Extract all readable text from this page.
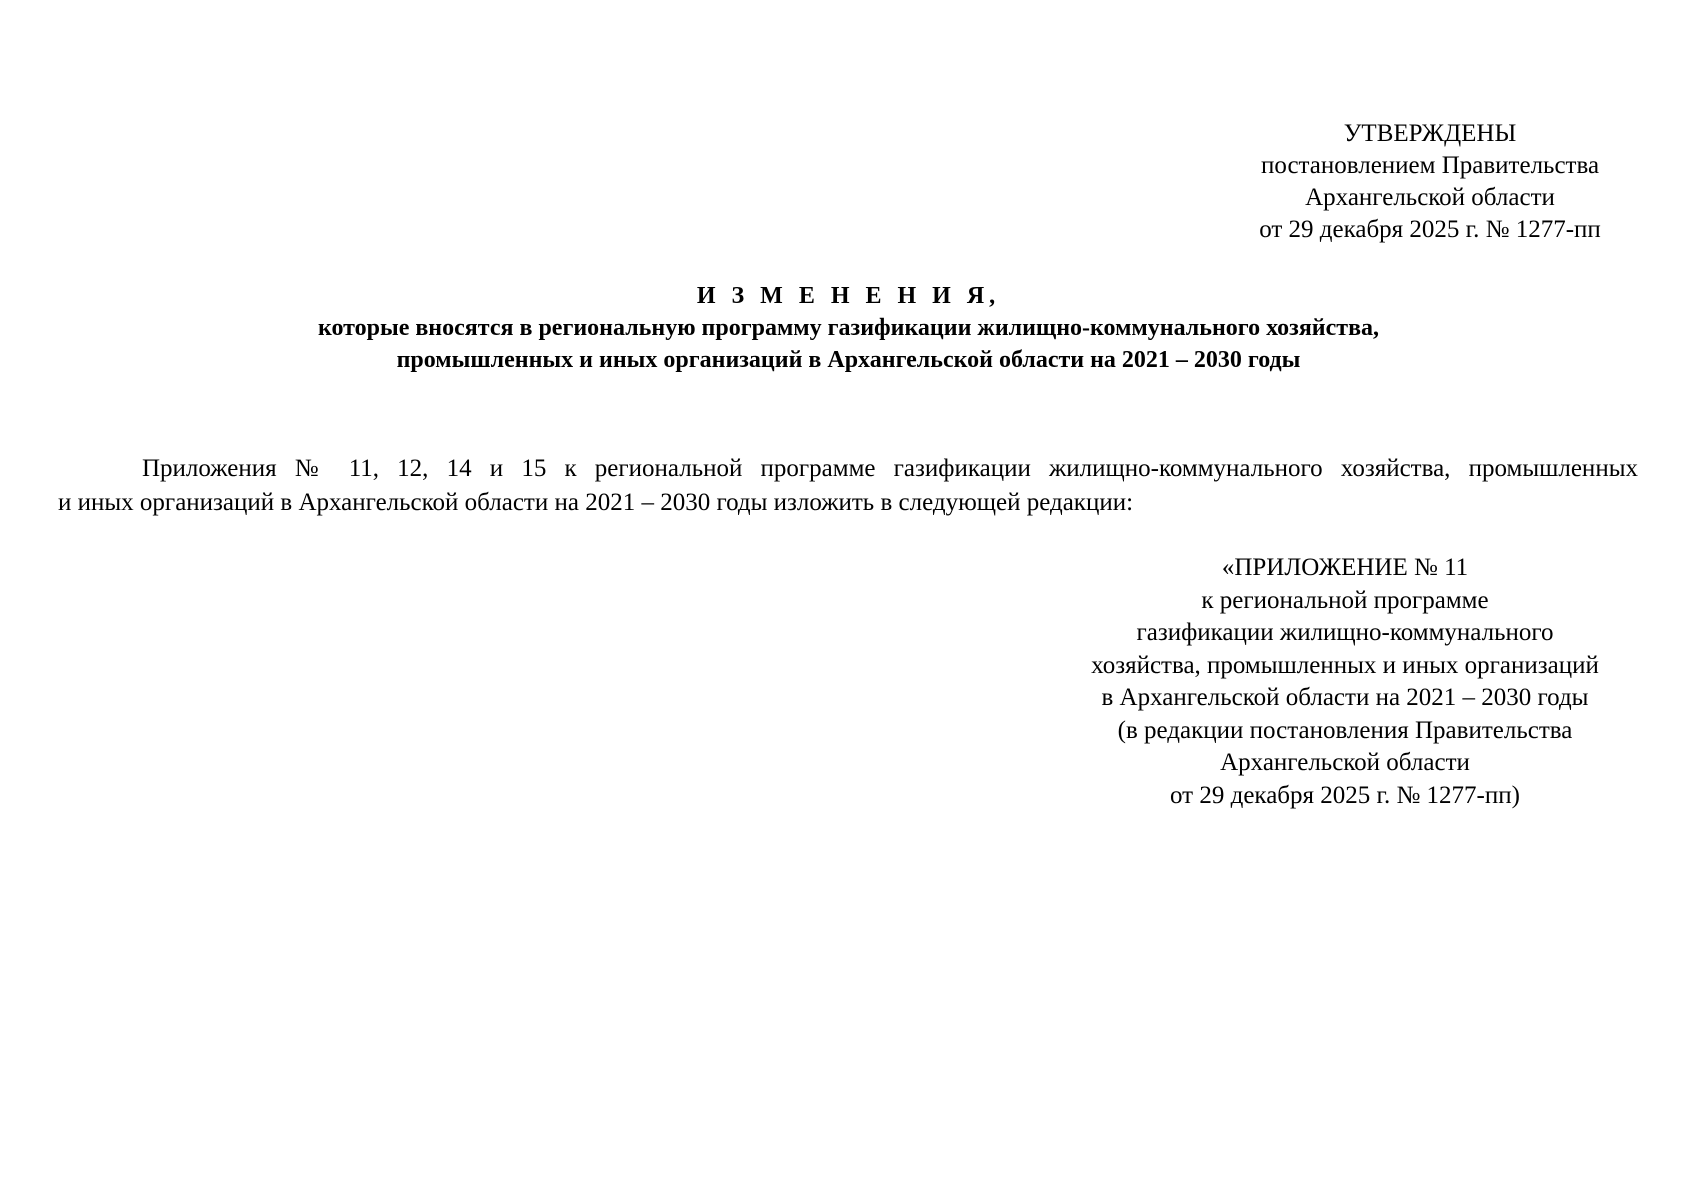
УТВЕРЖДЕНЫ
постановлением Правительства
Архангельской области
от 29 декабря 2025 г. № 1277-пп
И З М Е Н Е Н И Я,
которые вносятся в региональную программу газификации жилищно-коммунального хозяйства,
промышленных и иных организаций в Архангельской области на 2021 – 2030 годы
Приложения № 11, 12, 14 и 15 к региональной программе газификации жилищно-коммунального хозяйства, промышленных
и иных организаций в Архангельской области на 2021 – 2030 годы изложить в следующей редакции:
«ПРИЛОЖЕНИЕ № 11
к региональной программе
газификации жилищно-коммунального
хозяйства, промышленных и иных организаций
в Архангельской области на 2021 – 2030 годы
(в редакции постановления Правительства
Архангельской области
от 29 декабря 2025 г. № 1277-пп)
